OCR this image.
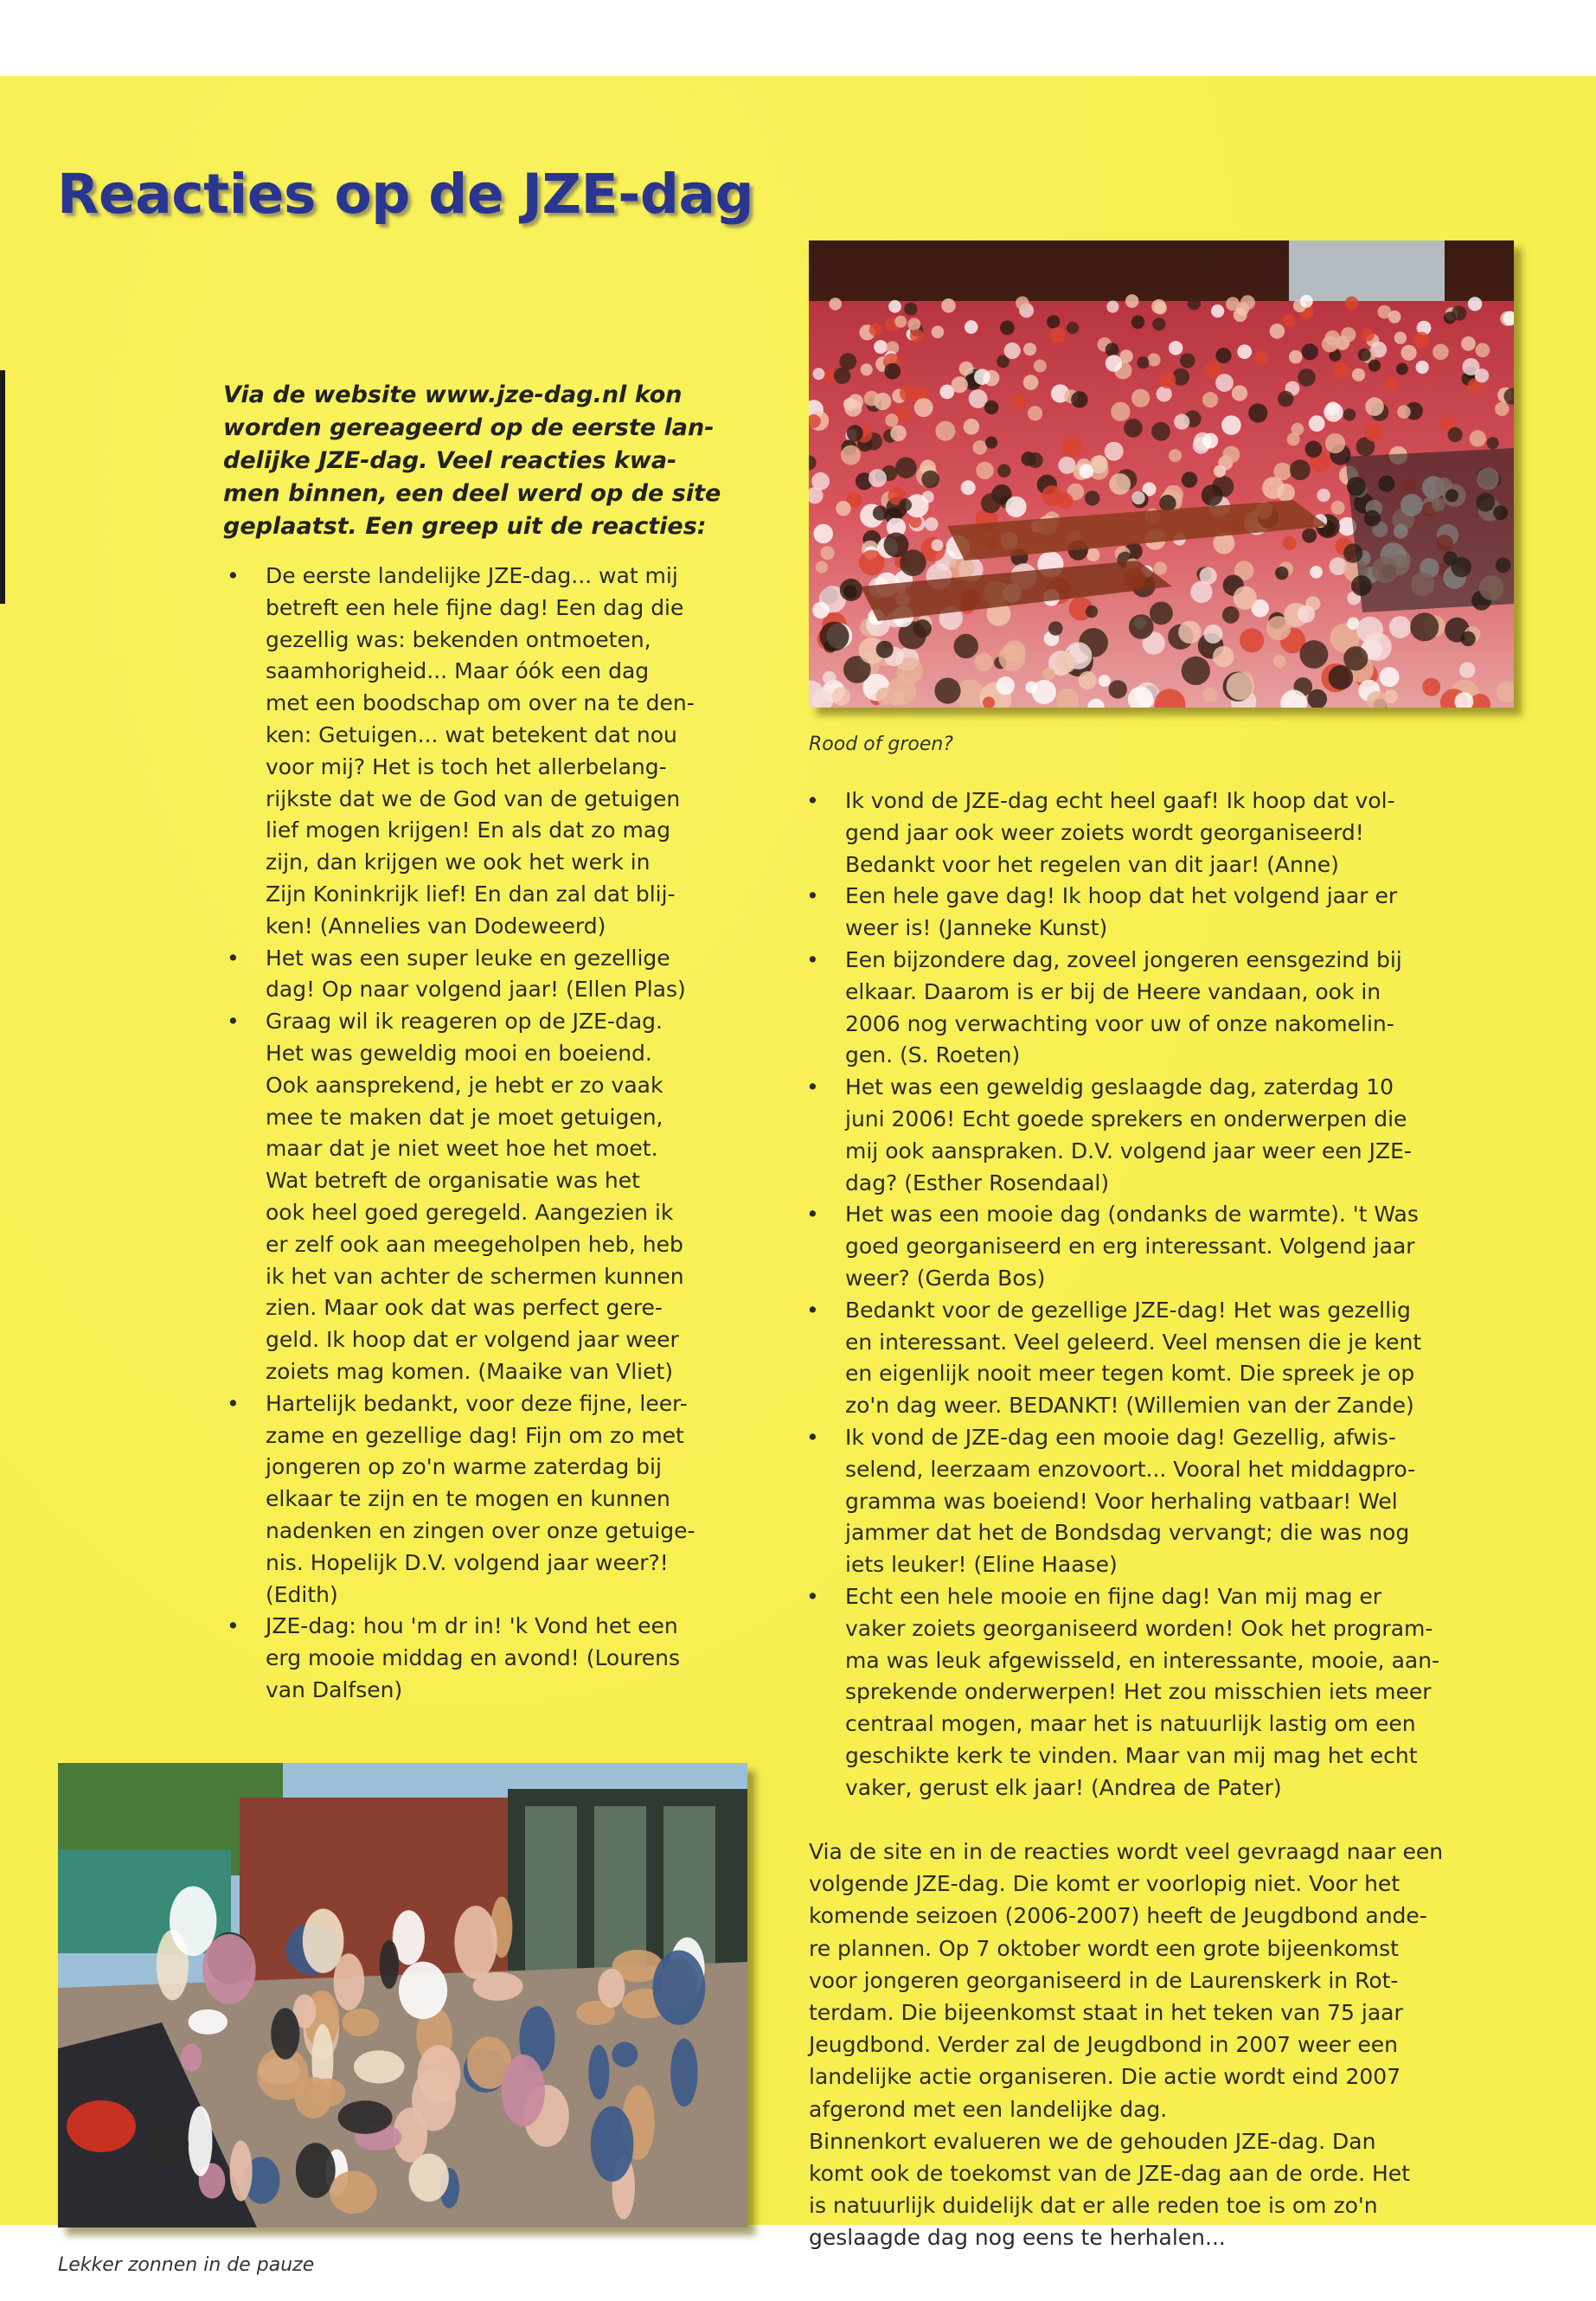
Reacties op de JZE-dag
Via de website www.jze-dag.nl kon
worden gereageerd op de eerste lan-
delijke JZE-dag. Veel reacties kwa-
men binnen, een deel werd op de site
geplaatst. Een greep uit de reacties:
• De eerste landelijke JZE-dag... wat mij
betreft een hele fijne dag! Een dag die
gezellig was: bekenden ontmoeten,
saamhorigheid... Maar óók een dag
met een boodschap om over na te den-
ken: Getuigen... wat betekent dat nou
voor mij? Het is toch het allerbelang-
rijkste dat we de God van de getuigen
lief mogen krijgen! En als dat zo mag
zijn, dan krijgen we ook het werk in
Zijn Koninkrijk lief! En dan zal dat blij-
ken! (Annelies van Dodeweerd)
• Het was een super leuke en gezellige
dag! Op naar volgend jaar! (Ellen Plas)
• Graag wil ik reageren op de JZE-dag.
Het was geweldig mooi en boeiend.
Ook aansprekend, je hebt er zo vaak
mee te maken dat je moet getuigen,
maar dat je niet weet hoe het moet.
Wat betreft de organisatie was het
ook heel goed geregeld. Aangezien ik
er zelf ook aan meegeholpen heb, heb
ik het van achter de schermen kunnen
zien. Maar ook dat was perfect gere-
geld. Ik hoop dat er volgend jaar weer
zoiets mag komen. (Maaike van Vliet)
• Hartelijk bedankt, voor deze fijne, leer-
zame en gezellige dag! Fijn om zo met
jongeren op zo'n warme zaterdag bij
elkaar te zijn en te mogen en kunnen
nadenken en zingen over onze getuige-
nis. Hopelijk D.V. volgend jaar weer?!
(Edith)
• JZE-dag: hou 'm dr in! 'k Vond het een
erg mooie middag en avond! (Lourens
van Dalfsen)
Rood of groen?
• Ik vond de JZE-dag echt heel gaaf! Ik hoop dat vol-
gend jaar ook weer zoiets wordt georganiseerd!
Bedankt voor het regelen van dit jaar! (Anne)
• Een hele gave dag! Ik hoop dat het volgend jaar er
weer is! (Janneke Kunst)
• Een bijzondere dag, zoveel jongeren eensgezind bij
elkaar. Daarom is er bij de Heere vandaan, ook in
2006 nog verwachting voor uw of onze nakomelin-
gen. (S. Roeten)
• Het was een geweldig geslaagde dag, zaterdag 10
juni 2006! Echt goede sprekers en onderwerpen die
mij ook aanspraken. D.V. volgend jaar weer een JZE-
dag? (Esther Rosendaal)
• Het was een mooie dag (ondanks de warmte). 't Was
goed georganiseerd en erg interessant. Volgend jaar
weer? (Gerda Bos)
• Bedankt voor de gezellige JZE-dag! Het was gezellig
en interessant. Veel geleerd. Veel mensen die je kent
en eigenlijk nooit meer tegen komt. Die spreek je op
zo'n dag weer. BEDANKT! (Willemien van der Zande)
• Ik vond de JZE-dag een mooie dag! Gezellig, afwis-
selend, leerzaam enzovoort... Vooral het middagpro-
gramma was boeiend! Voor herhaling vatbaar! Wel
jammer dat het de Bondsdag vervangt; die was nog
iets leuker! (Eline Haase)
• Echt een hele mooie en fijne dag! Van mij mag er
vaker zoiets georganiseerd worden! Ook het program-
ma was leuk afgewisseld, en interessante, mooie, aan-
sprekende onderwerpen! Het zou misschien iets meer
centraal mogen, maar het is natuurlijk lastig om een
geschikte kerk te vinden. Maar van mij mag het echt
vaker, gerust elk jaar! (Andrea de Pater)
Lekker zonnen in de pauze
Via de site en in de reacties wordt veel gevraagd naar een
volgende JZE-dag. Die komt er voorlopig niet. Voor het
komende seizoen (2006-2007) heeft de Jeugdbond ande-
re plannen. Op 7 oktober wordt een grote bijeenkomst
voor jongeren georganiseerd in de Laurenskerk in Rot-
terdam. Die bijeenkomst staat in het teken van 75 jaar
Jeugdbond. Verder zal de Jeugdbond in 2007 weer een
landelijke actie organiseren. Die actie wordt eind 2007
afgerond met een landelijke dag.
Binnenkort evalueren we de gehouden JZE-dag. Dan
komt ook de toekomst van de JZE-dag aan de orde. Het
is natuurlijk duidelijk dat er alle reden toe is om zo'n
geslaagde dag nog eens te herhalen...
